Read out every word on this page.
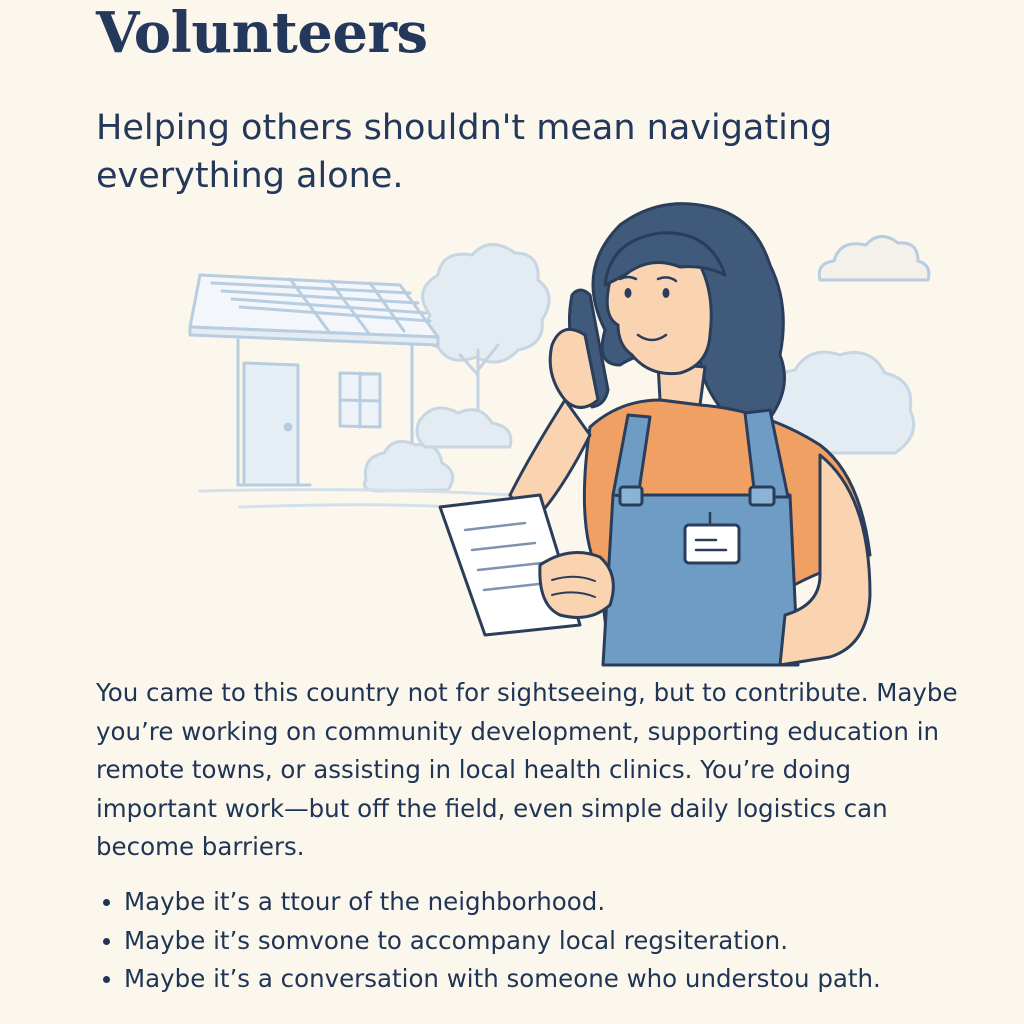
Volunteers
Helping others shouldn't mean navigating everything alone.

You came to this country not for sightseeing, but to contribute. Maybe you’re working on community development, supporting education in remote towns, or assisting in local health clinics. You’re doing important work—but off the field, even simple daily logistics can become barriers.

Maybe it’s a ttour of the neighborhood.
Maybe it’s somvone to accompany local regsiteration.
Maybe it’s a conversation with someone who understou path.
